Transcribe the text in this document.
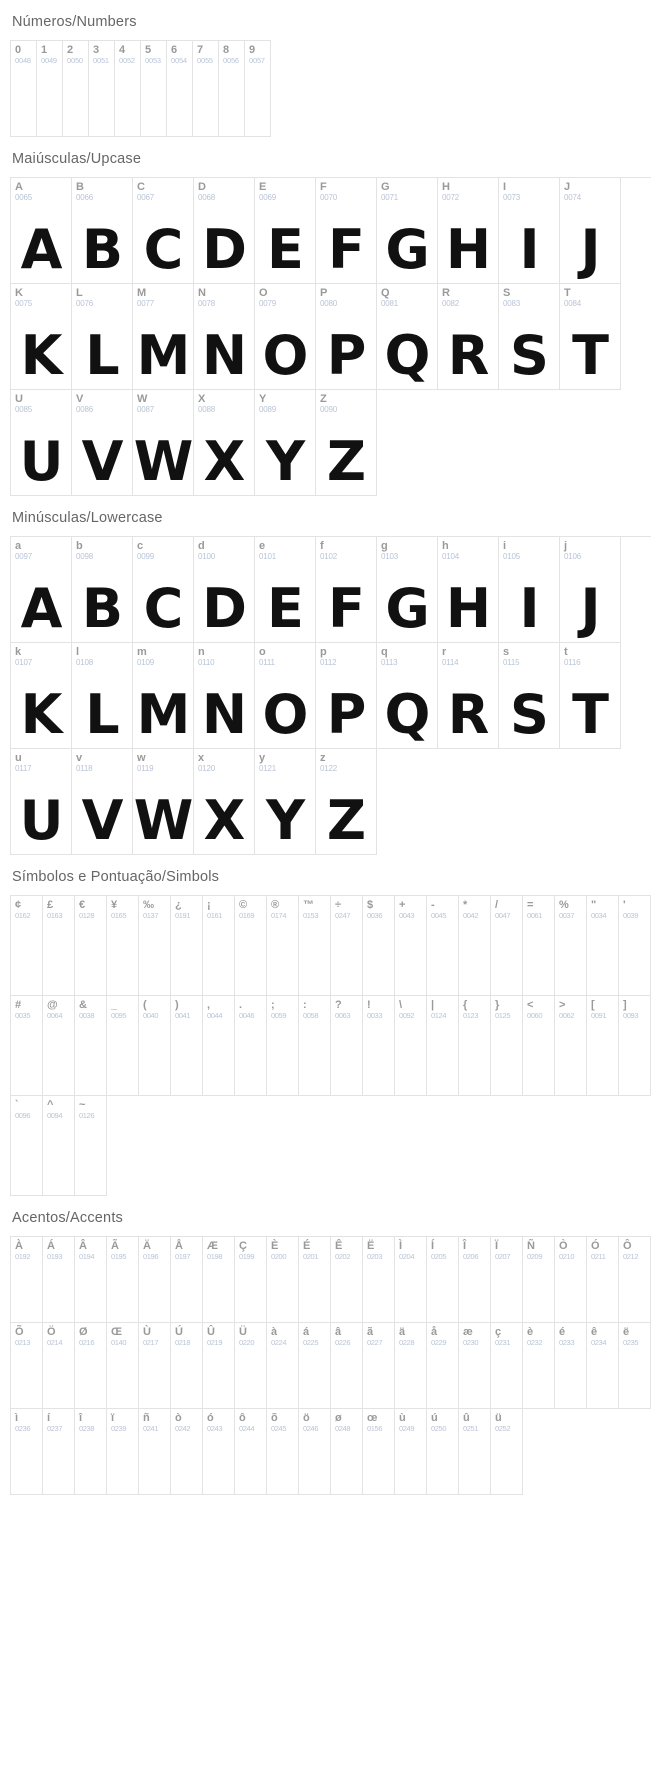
Números/Numbers
0
0048
1
0049
2
0050
3
0051
4
0052
5
0053
6
0054
7
0055
8
0056
9
0057
Maiúsculas/Upcase
A
0065
A
B
0066
B
C
0067
C
D
0068
D
E
0069
E
F
0070
F
G
0071
G
H
0072
H
I
0073
I
J
0074
J
K
0075
K
L
0076
L
M
0077
M
N
0078
N
O
0079
O
P
0080
P
Q
0081
Q
R
0082
R
S
0083
S
T
0084
T
U
0085
U
V
0086
V
W
0087
W
X
0088
X
Y
0089
Y
Z
0090
Z
Minúsculas/Lowercase
a
0097
A
b
0098
B
c
0099
C
d
0100
D
e
0101
E
f
0102
F
g
0103
G
h
0104
H
i
0105
I
j
0106
J
k
0107
K
l
0108
L
m
0109
M
n
0110
N
o
0111
O
p
0112
P
q
0113
Q
r
0114
R
s
0115
S
t
0116
T
u
0117
U
v
0118
V
w
0119
W
x
0120
X
y
0121
Y
z
0122
Z
Símbolos e Pontuação/Simbols
¢
0162
£
0163
€
0128
¥
0165
‰
0137
¿
0191
¡
0161
©
0169
®
0174
™
0153
÷
0247
$
0036
+
0043
-
0045
*
0042
/
0047
=
0061
%
0037
"
0034
'
0039
#
0035
@
0064
&
0038
_
0095
(
0040
)
0041
,
0044
.
0046
;
0059
:
0058
?
0063
!
0033
\
0092
|
0124
{
0123
}
0125
<
0060
>
0062
[
0091
]
0093
`
0096
^
0094
~
0126
Acentos/Accents
À
0192
Á
0193
Â
0194
Ã
0195
Ä
0196
Å
0197
Æ
0198
Ç
0199
È
0200
É
0201
Ê
0202
Ë
0203
Ì
0204
Í
0205
Î
0206
Ï
0207
Ñ
0209
Ò
0210
Ó
0211
Ô
0212
Õ
0213
Ö
0214
Ø
0216
Œ
0140
Ù
0217
Ú
0218
Û
0219
Ü
0220
à
0224
á
0225
â
0226
ã
0227
ä
0228
å
0229
æ
0230
ç
0231
è
0232
é
0233
ê
0234
ë
0235
ì
0236
í
0237
î
0238
ï
0239
ñ
0241
ò
0242
ó
0243
ô
0244
õ
0245
ö
0246
ø
0248
œ
0156
ù
0249
ú
0250
û
0251
ü
0252
